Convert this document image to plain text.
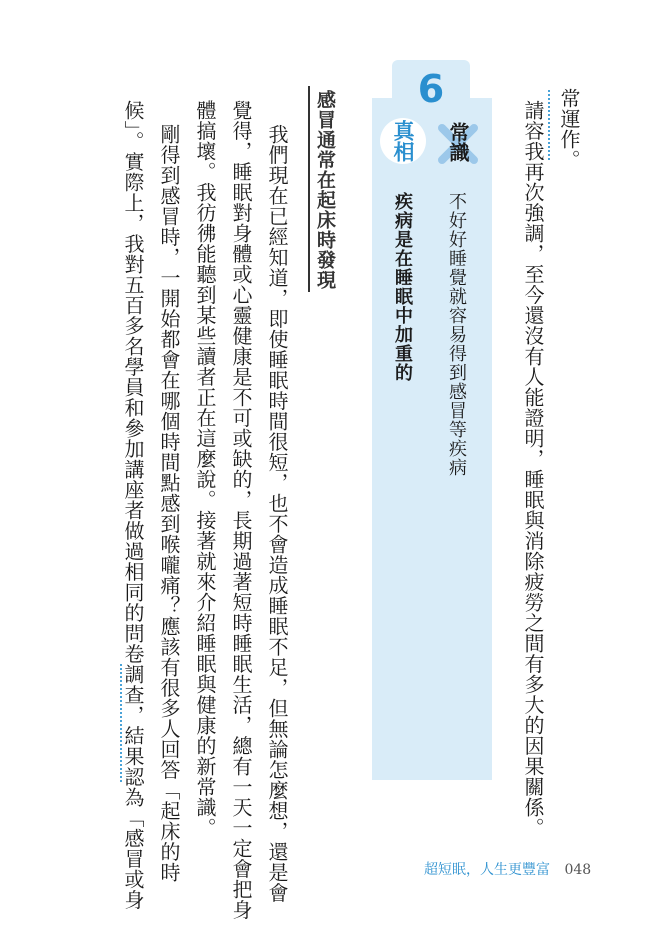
常運作。
請容我再次強調，至今還沒有人能證明，睡眠與消除疲勞之間有多大的因果關係。
6
常識
真相
不好好睡覺就容易得到感冒等疾病
疾病是在睡眠中加重的
感冒通常在起床時發現
我們現在已經知道，即使睡眠時間很短，也不會造成睡眠不足，但無論怎麼想，還是會
覺得，睡眠對身體或心靈健康是不可或缺的，長期過著短時睡眠生活，總有一天一定會把身
體搞壞。我彷彿能聽到某些讀者正在這麼說。接著就來介紹睡眠與健康的新常識。
剛得到感冒時，一開始都會在哪個時間點感到喉嚨痛？應該有很多人回答「起床的時
候」。實際上，我對五百多名學員和參加講座者做過相同的問卷調查，結果認為「感冒或身	超短眠，人生更豐富 048
